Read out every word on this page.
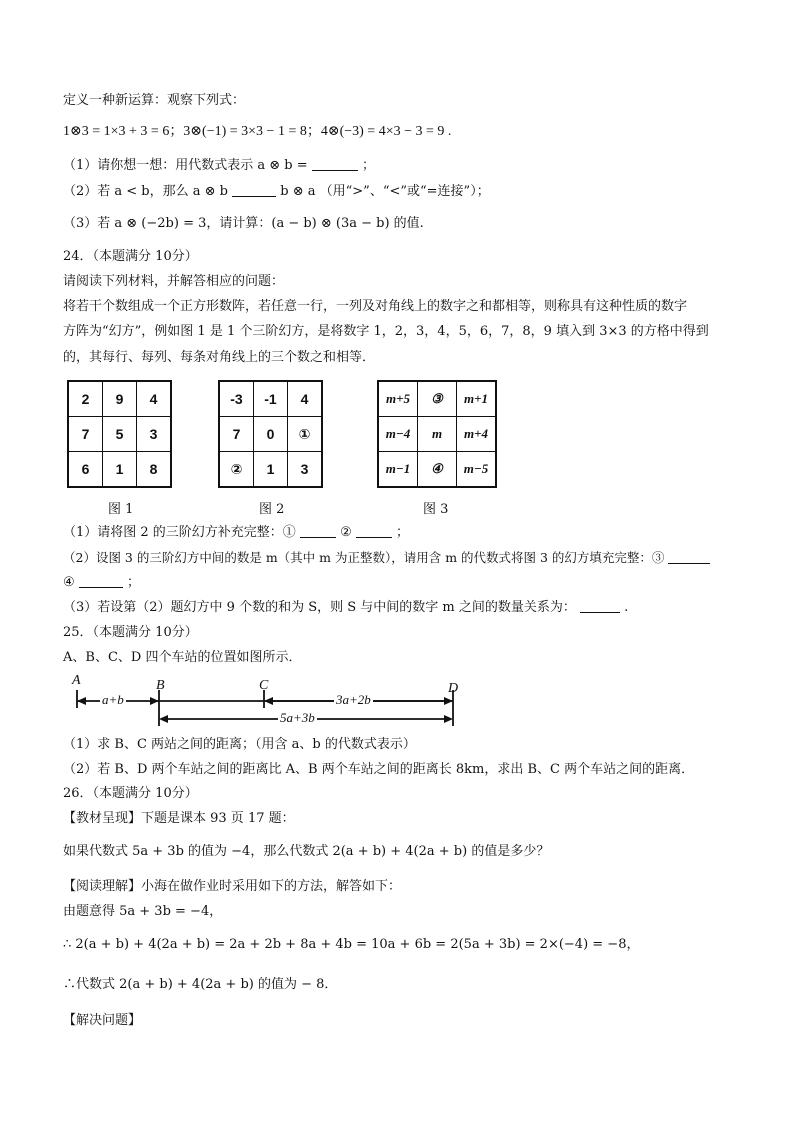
定义一种新运算：观察下列式：
1⊗3 = 1×3 + 3 = 6；3⊗(−1) = 3×3 − 1 = 8；4⊗(−3) = 4×3 − 3 = 9 .
（1）请你想一想：用代数式表示 a ⊗ b =	；
（2）若 a < b，那么 a ⊗ b	b ⊗ a （用“>”、“<”或“=连接”）；
（3）若 a ⊗ (−2b) = 3，请计算：(a − b) ⊗ (3a − b) 的值.
24．（本题满分 10分）
请阅读下列材料，并解答相应的问题：
将若干个数组成一个正方形数阵，若任意一行，一列及对角线上的数字之和都相等，则称具有这种性质的数字
方阵为“幻方”，例如图 1 是 1 个三阶幻方，是将数字 1，2，3，4，5，6，7，8，9 填入到 3×3 的方格中得到
的，其每行、每列、每条对角线上的三个数之和相等．
2	9	4
7	5	3
6	1	8
图 1
-3	-1	4
7	0	①
②	1	3
图 2
m+5	③	m+1
m−4	m	m+4
m−1	④	m−5
图 3
（1）请将图 2 的三阶幻方补充完整：①	②	；
（2）设图 3 的三阶幻方中间的数是 m（其中 m 为正整数），请用含 m 的代数式将图 3 的幻方填充完整：③
④	；
（3）若设第（2）题幻方中 9 个数的和为 S，则 S 与中间的数字 m 之间的数量关系为：	.
25．（本题满分 10分）
A、B、C、D 四个车站的位置如图所示．
A	B	C	D
a+b	3a+2b
5a+3b
（1）求 B、C 两站之间的距离；（用含 a、b 的代数式表示）
（2）若 B、D 两个车站之间的距离比 A、B 两个车站之间的距离长 8km，求出 B、C 两个车站之间的距离．
26．（本题满分 10分）
【教材呈现】下题是课本 93 页 17 题：
如果代数式 5a + 3b 的值为 −4，那么代数式 2(a + b) + 4(2a + b) 的值是多少？
【阅读理解】小海在做作业时采用如下的方法，解答如下：
由题意得 5a + 3b = −4，
∴ 2(a + b) + 4(2a + b) = 2a + 2b + 8a + 4b = 10a + 6b = 2(5a + 3b) = 2×(−4) = −8，
∴代数式 2(a + b) + 4(2a + b) 的值为 − 8．
【解决问题】
